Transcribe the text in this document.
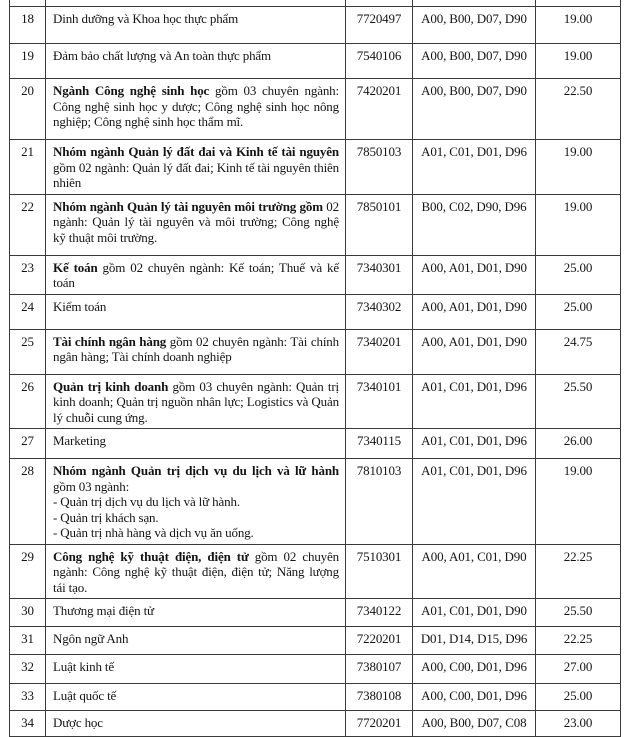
18	Dinh dưỡng và Khoa học thực phẩm	7720497	A00, B00, D07, D90	19.00
19	Đảm bảo chất lượng và An toàn thực phẩm	7540106	A00, B00, D07, D90	19.00
20	Ngành Công nghệ sinh học gồm 03 chuyên ngành: Công nghệ sinh học y dược; Công nghệ sinh học nông nghiệp; Công nghệ sinh học thẩm mĩ.	7420201	A00, B00, D07, D90	22.50
21	Nhóm ngành Quản lý đất đai và Kinh tế tài nguyên gồm 02 ngành: Quản lý đất đai; Kinh tế tài nguyên thiên nhiên	7850103	A01, C01, D01, D96	19.00
22	Nhóm ngành Quản lý tài nguyên môi trường gồm 02 ngành: Quản lý tài nguyên và môi trường; Công nghệ kỹ thuật môi trường.	7850101	B00, C02, D90, D96	19.00
23	Kế toán gồm 02 chuyên ngành: Kế toán; Thuế và kế toán	7340301	A00, A01, D01, D90	25.00
24	Kiểm toán	7340302	A00, A01, D01, D90	25.00
25	Tài chính ngân hàng gồm 02 chuyên ngành: Tài chính ngân hàng; Tài chính doanh nghiệp	7340201	A00, A01, D01, D90	24.75
26	Quản trị kinh doanh gồm 03 chuyên ngành: Quản trị kinh doanh; Quản trị nguồn nhân lực; Logistics và Quản lý chuỗi cung ứng.	7340101	A01, C01, D01, D96	25.50
27	Marketing	7340115	A01, C01, D01, D96	26.00
28	Nhóm ngành Quản trị dịch vụ du lịch và lữ hành gồm 03 ngành:
- Quản trị dịch vụ du lịch và lữ hành.
- Quản trị khách sạn.
- Quản trị nhà hàng và dịch vụ ăn uống.	7810103	A01, C01, D01, D96	19.00
29	Công nghệ kỹ thuật điện, điện tử gồm 02 chuyên ngành: Công nghệ kỹ thuật điện, điện tử; Năng lượng tái tạo.	7510301	A00, A01, C01, D90	22.25
30	Thương mại điện tử	7340122	A01, C01, D01, D90	25.50
31	Ngôn ngữ Anh	7220201	D01, D14, D15, D96	22.25
32	Luật kinh tế	7380107	A00, C00, D01, D96	27.00
33	Luật quốc tế	7380108	A00, C00, D01, D96	25.00
34	Dược học	7720201	A00, B00, D07, C08	23.00
